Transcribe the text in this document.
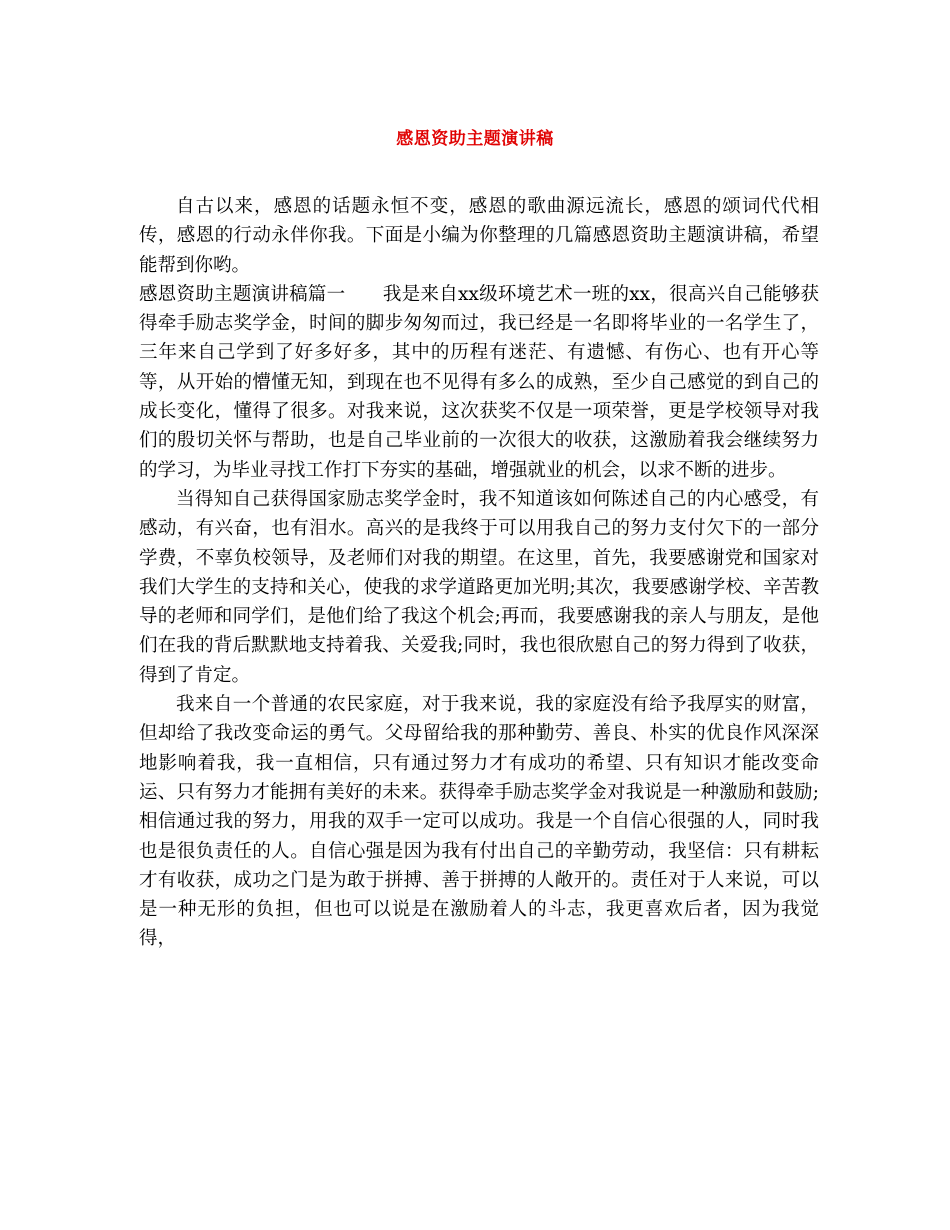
感恩资助主题演讲稿

自古以来，感恩的话题永恒不变，感恩的歌曲源远流长，感恩的颂词代代相传，感恩的行动永伴你我。下面是小编为你整理的几篇感恩资助主题演讲稿，希望能帮到你哟。

感恩资助主题演讲稿篇一　　我是来自xx级环境艺术一班的xx，很高兴自己能够获得牵手励志奖学金，时间的脚步匆匆而过，我已经是一名即将毕业的一名学生了，三年来自己学到了好多好多，其中的历程有迷茫、有遗憾、有伤心、也有开心等等，从开始的懵懂无知，到现在也不见得有多么的成熟，至少自己感觉的到自己的成长变化，懂得了很多。对我来说，这次获奖不仅是一项荣誉，更是学校领导对我们的殷切关怀与帮助，也是自己毕业前的一次很大的收获，这激励着我会继续努力的学习，为毕业寻找工作打下夯实的基础，增强就业的机会，以求不断的进步。

当得知自己获得国家励志奖学金时，我不知道该如何陈述自己的内心感受，有感动，有兴奋，也有泪水。高兴的是我终于可以用我自己的努力支付欠下的一部分学费，不辜负校领导，及老师们对我的期望。在这里，首先，我要感谢党和国家对我们大学生的支持和关心，使我的求学道路更加光明;其次，我要感谢学校、辛苦教导的老师和同学们，是他们给了我这个机会;再而，我要感谢我的亲人与朋友，是他们在我的背后默默地支持着我、关爱我;同时，我也很欣慰自己的努力得到了收获，得到了肯定。

我来自一个普通的农民家庭，对于我来说，我的家庭没有给予我厚实的财富，但却给了我改变命运的勇气。父母留给我的那种勤劳、善良、朴实的优良作风深深地影响着我，我一直相信，只有通过努力才有成功的希望、只有知识才能改变命运、只有努力才能拥有美好的未来。获得牵手励志奖学金对我说是一种激励和鼓励;相信通过我的努力，用我的双手一定可以成功。我是一个自信心很强的人，同时我也是很负责任的人。自信心强是因为我有付出自己的辛勤劳动，我坚信：只有耕耘才有收获，成功之门是为敢于拼搏、善于拼搏的人敞开的。责任对于人来说，可以是一种无形的负担，但也可以说是在激励着人的斗志，我更喜欢后者，因为我觉得，
